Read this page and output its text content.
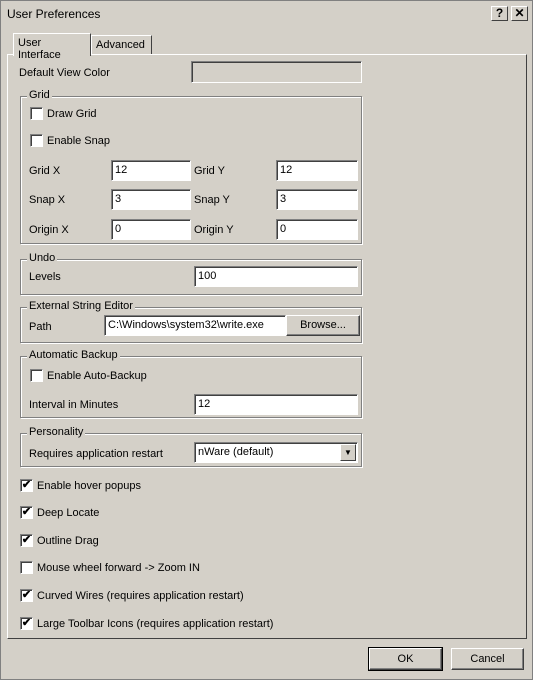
User Preferences	? ✕
User Interface
Advanced
Default View Color
Grid
Draw Grid
Enable Snap
Grid X	12	Grid Y	12
Snap X	3	Snap Y	3
Origin X	0	Origin Y	0
Undo
Levels	100
External String Editor
Path	C:\Windows\system32\write.exe	Browse...
Automatic Backup
Enable Auto-Backup
Interval in Minutes	12
Personality
Requires application restart	nWare (default)	▼
✔ Enable hover popups
✔ Deep Locate
✔ Outline Drag
Mouse wheel forward -> Zoom IN
✔ Curved Wires (requires application restart)
✔ Large Toolbar Icons (requires application restart)
OK	Cancel
